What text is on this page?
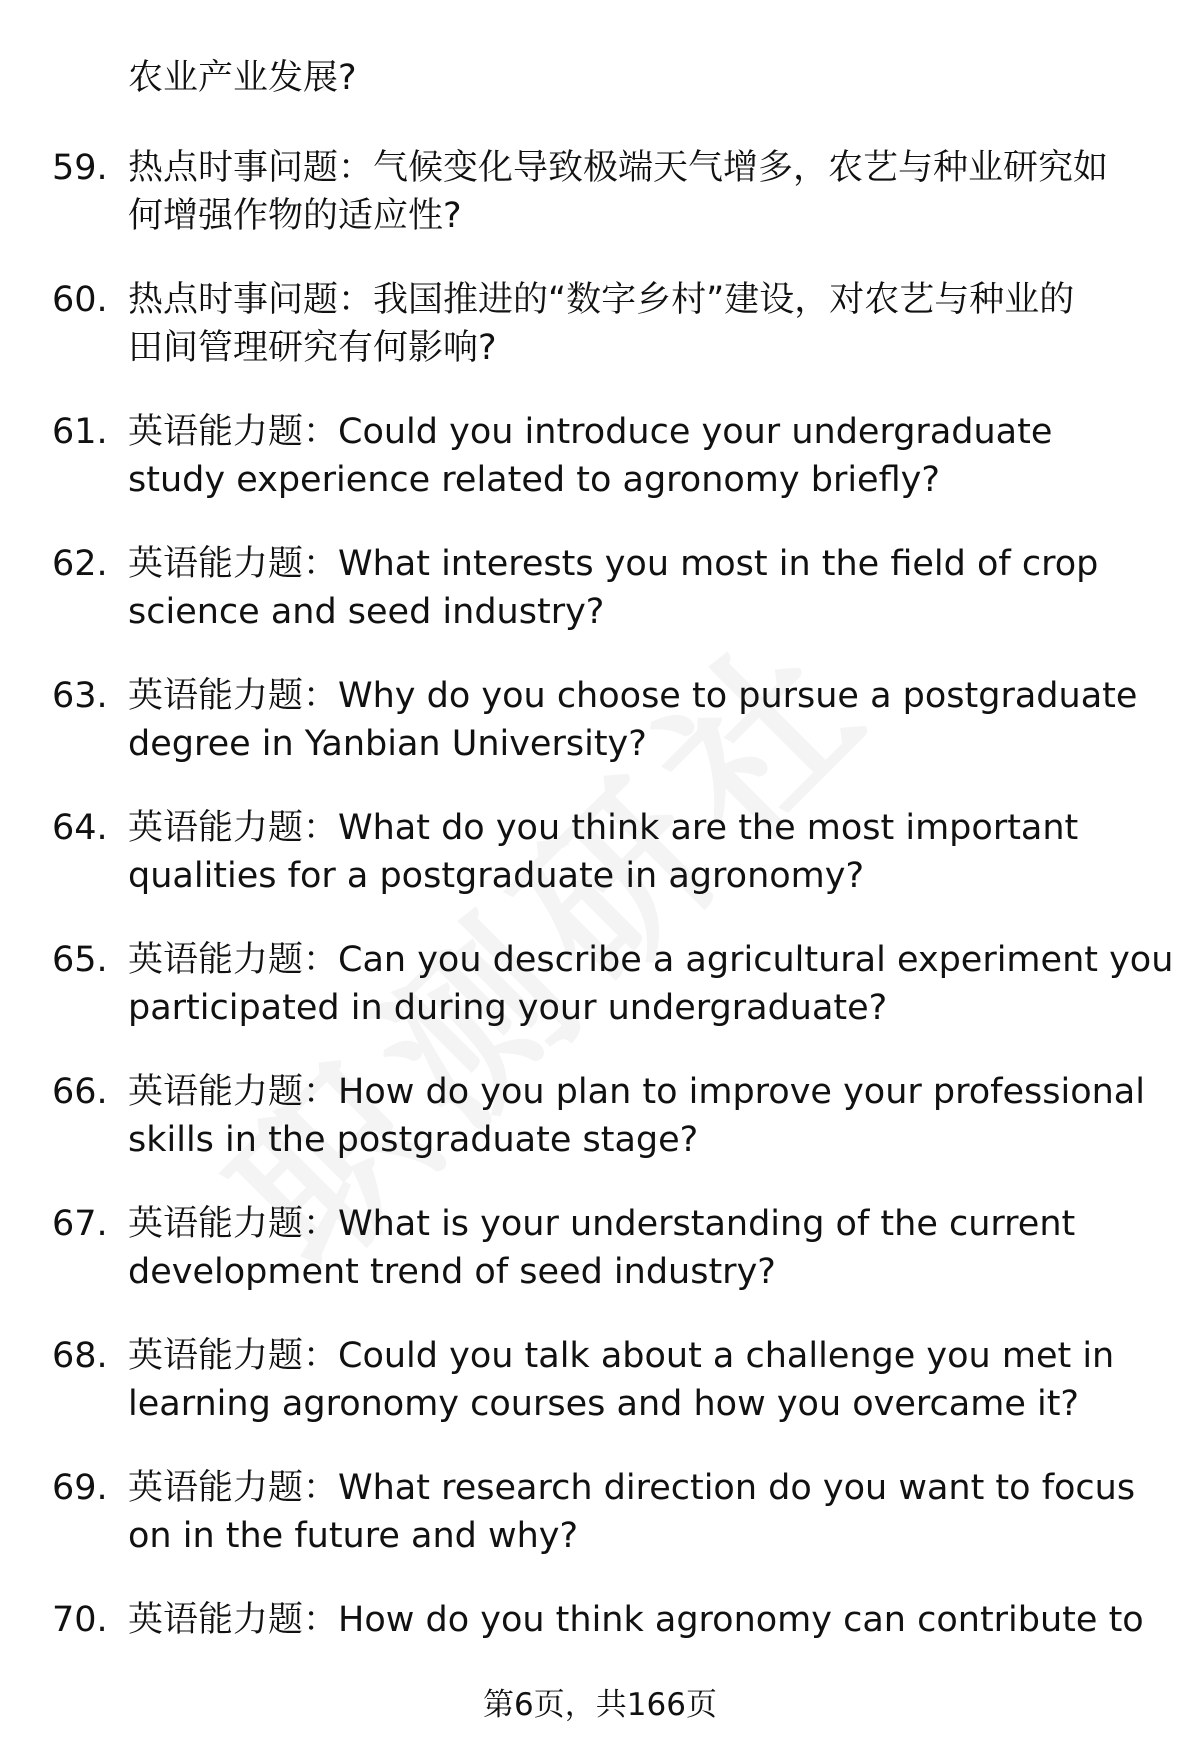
农业产业发展?
59. 热点时事问题：气候变化导致极端天气增多，农艺与种业研究如
何增强作物的适应性?
60. 热点时事问题：我国推进的“数字乡村”建设，对农艺与种业的
田间管理研究有何影响?
61. 英语能力题：Could you introduce your undergraduate
study experience related to agronomy briefly?
62. 英语能力题：What interests you most in the field of crop
science and seed industry?
63. 英语能力题：Why do you choose to pursue a postgraduate
degree in Yanbian University?
64. 英语能力题：What do you think are the most important
qualities for a postgraduate in agronomy?
65. 英语能力题：Can you describe a agricultural experiment you
participated in during your undergraduate?
66. 英语能力题：How do you plan to improve your professional
skills in the postgraduate stage?
67. 英语能力题：What is your understanding of the current
development trend of seed industry?
68. 英语能力题：Could you talk about a challenge you met in
learning agronomy courses and how you overcame it?
69. 英语能力题：What research direction do you want to focus
on in the future and why?
70. 英语能力题：How do you think agronomy can contribute to
第6页，共166页
